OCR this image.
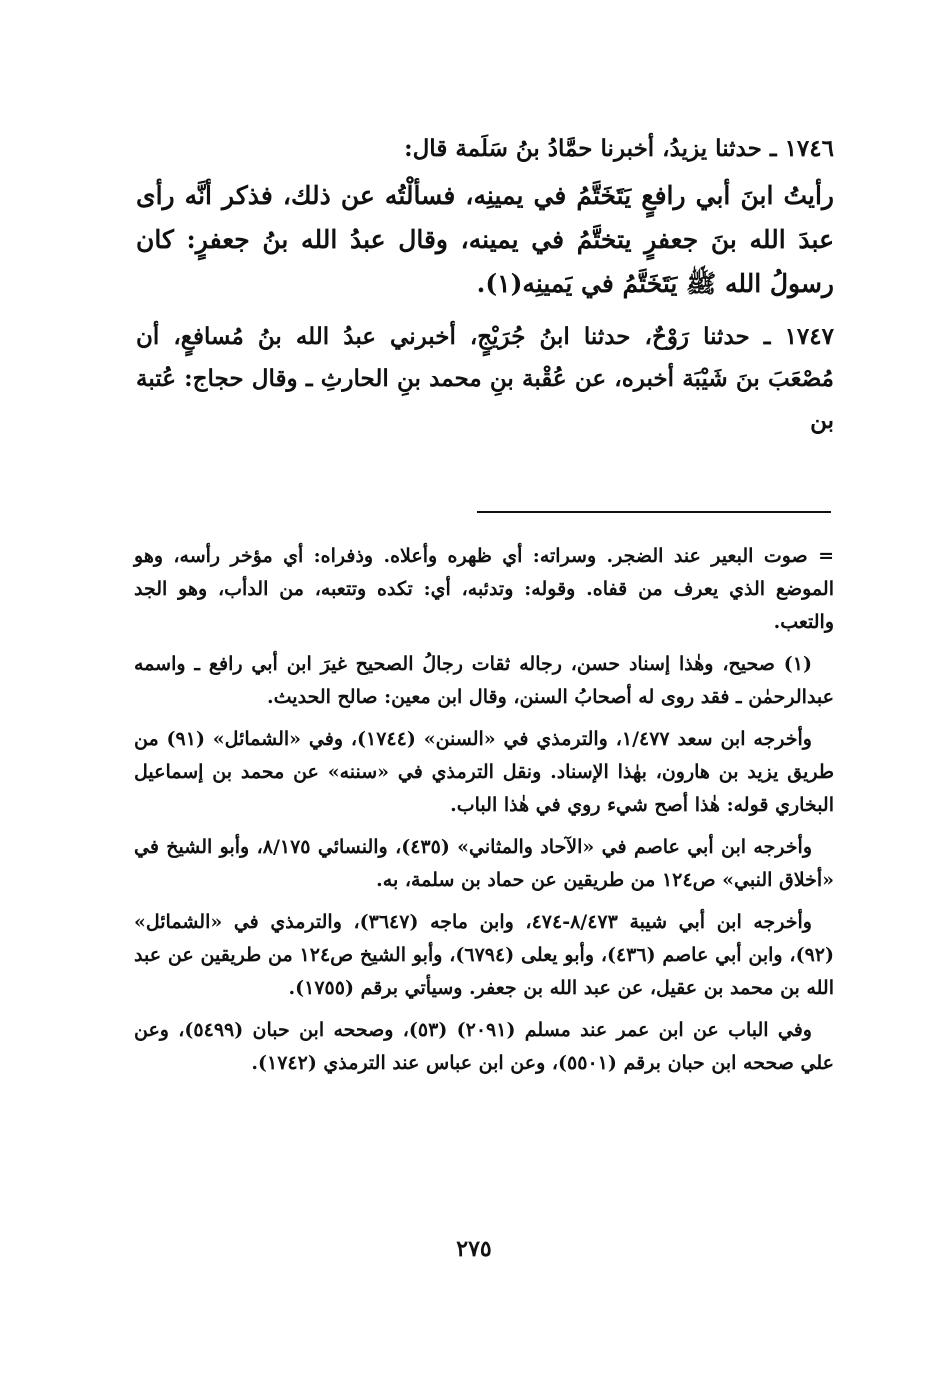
١٧٤٦ ـ حدثنا يزيدُ، أخبرنا حمَّادُ بنُ سَلَمة قال:

رأيتُ ابنَ أبي رافعٍ يَتَخَتَّمُ في يمينِه، فسألْتُه عن ذلك، فذكر أنَّه رأى عبدَ الله بنَ جعفرٍ يتختَّمُ في يمينه، وقال عبدُ الله بنُ جعفرٍ: كان رسولُ الله ﷺ يَتَخَتَّمُ في يَمينِه(١).

١٧٤٧ ـ حدثنا رَوْحٌ، حدثنا ابنُ جُرَيْجٍ، أخبرني عبدُ الله بنُ مُسافعٍ، أن مُصْعَبَ بنَ شَيْبَة أخبره، عن عُقْبة بنِ محمد بنِ الحارثِ ـ وقال حجاج: عُتبة بن

= صوت البعير عند الضجر. وسراته: أي ظهره وأعلاه. وذفراه: أي مؤخر رأسه، وهو الموضع الذي يعرف من قفاه. وقوله: وتدئبه، أي: تكده وتتعبه، من الدأب، وهو الجد والتعب.

(١) صحيح، وهٰذا إسناد حسن، رجاله ثقات رجالُ الصحيح غيرَ ابن أبي رافع ـ واسمه عبدالرحمٰن ـ فقد روى له أصحابُ السنن، وقال ابن معين: صالح الحديث.

وأخرجه ابن سعد ١/٤٧٧، والترمذي في «السنن» (١٧٤٤)، وفي «الشمائل» (٩١) من طريق يزيد بن هارون، بهٰذا الإسناد. ونقل الترمذي في «سننه» عن محمد بن إسماعيل البخاري قوله: هٰذا أصح شيء روي في هٰذا الباب.

وأخرجه ابن أبي عاصم في «الآحاد والمثاني» (٤٣٥)، والنسائي ٨/١٧٥، وأبو الشيخ في «أخلاق النبي» ص١٢٤ من طريقين عن حماد بن سلمة، به.

وأخرجه ابن أبي شيبة ٨/٤٧٣-٤٧٤، وابن ماجه (٣٦٤٧)، والترمذي في «الشمائل» (٩٢)، وابن أبي عاصم (٤٣٦)، وأبو يعلى (٦٧٩٤)، وأبو الشيخ ص١٢٤ من طريقين عن عبد الله بن محمد بن عقيل، عن عبد الله بن جعفر. وسيأتي برقم (١٧٥٥).

وفي الباب عن ابن عمر عند مسلم (٢٠٩١) (٥٣)، وصححه ابن حبان (٥٤٩٩)، وعن علي صححه ابن حبان برقم (٥٥٠١)، وعن ابن عباس عند الترمذي (١٧٤٢).

٢٧٥
